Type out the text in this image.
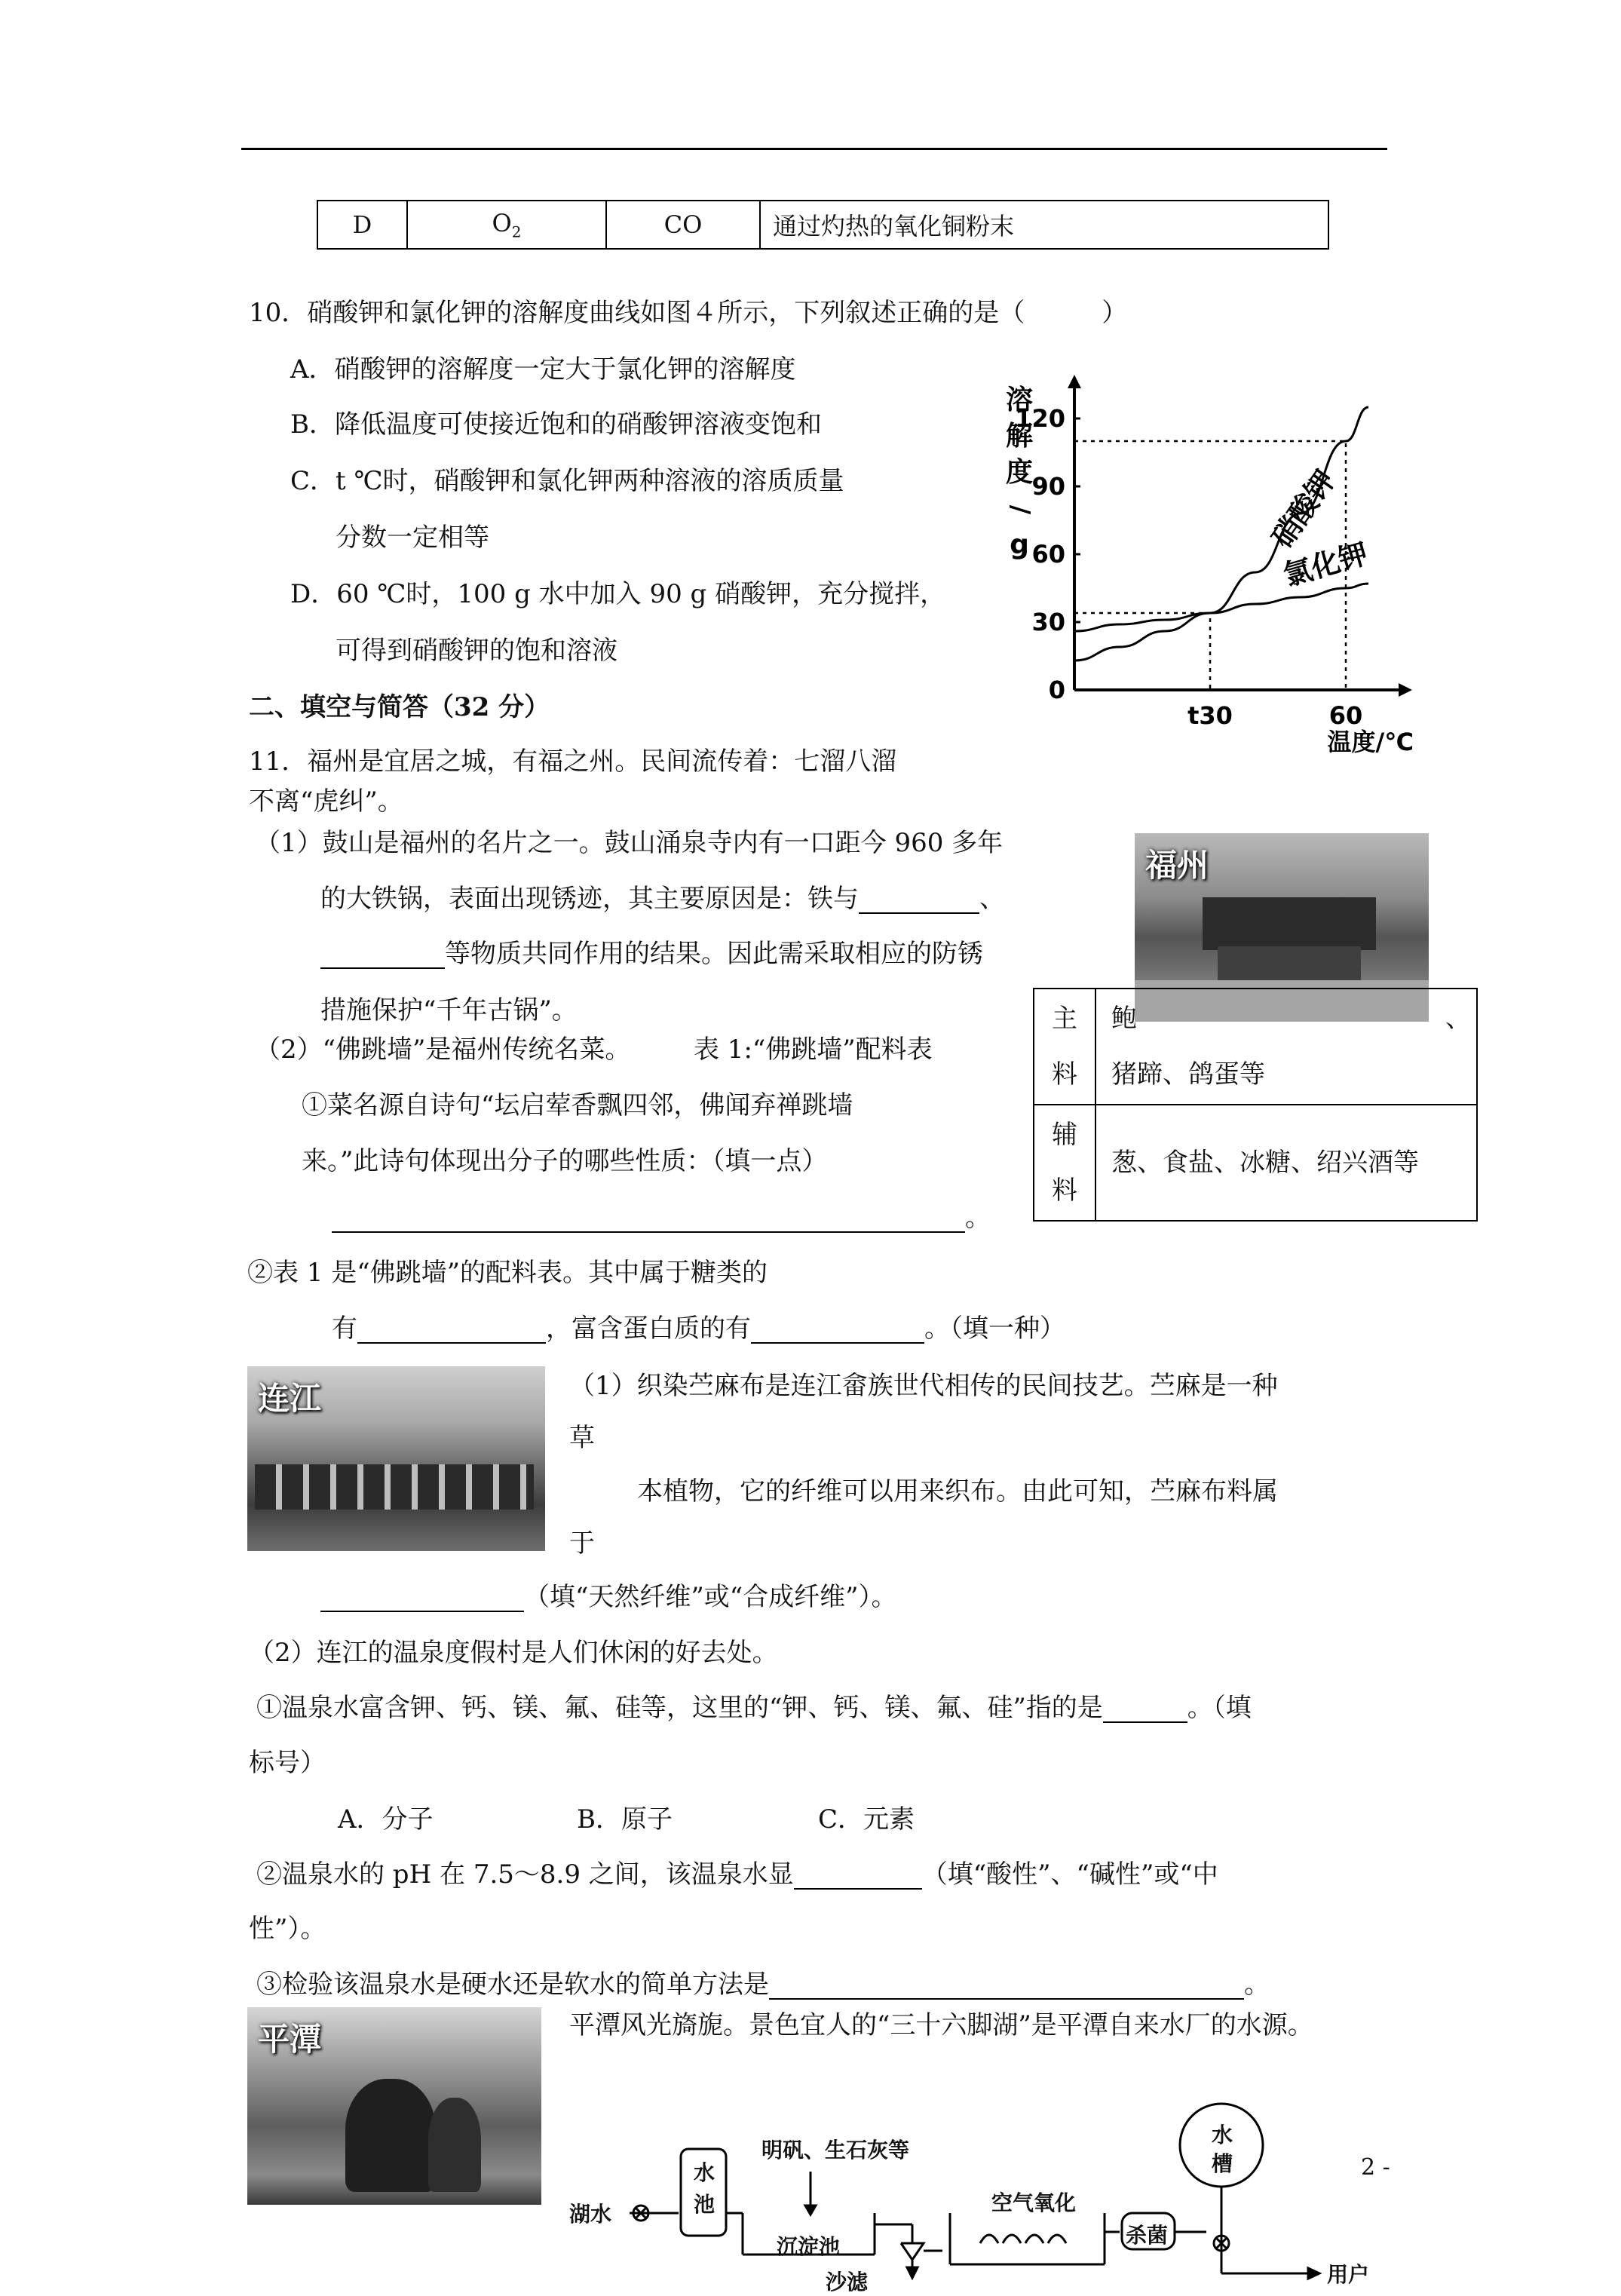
D	$O_2$	CO	通过灼热的氧化铜粉末
10．硝酸钾和氯化钾的溶解度曲线如图４所示，下列叙述正确的是（　　　）
A．硝酸钾的溶解度一定大于氯化钾的溶解度
B．降低温度可使接近饱和的硝酸钾溶液变饱和
C．t ℃时，硝酸钾和氯化钾两种溶液的溶质质量
分数一定相等
D．60 ℃时，100 g 水中加入 90 g 硝酸钾，充分搅拌，
可得到硝酸钾的饱和溶液
0
30
60
90
120
t30	60
硝酸钾
氯化钾
溶
解
度
/
g
温度/℃
二、填空与简答（32 分）
11．福州是宜居之城，有福之州。民间流传着：七溜八溜
不离“虎纠”。
（1）鼓山是福州的名片之一。鼓山涌泉寺内有一口距今 960 多年
的大铁锅，表面出现锈迹，其主要原因是：铁与	、
等物质共同作用的结果。因此需采取相应的防锈
措施保护“千年古锅”。
福州
主料	鲍 、
猪蹄、鸽蛋等

辅料	葱、食盐、冰糖、绍兴酒等
（2）“佛跳墙”是福州传统名菜。 表 1:“佛跳墙”配料表
①菜名源自诗句“坛启荤香飘四邻，佛闻弃禅跳墙
来。”此诗句体现出分子的哪些性质：（填一点）
。
②表 1 是“佛跳墙”的配料表。其中属于糖类的
有	，富含蛋白质的有	。（填一种）
连江	（1）织染苎麻布是连江畲族世代相传的民间技艺。苎麻是一种
草
本植物，它的纤维可以用来织布。由此可知，苎麻布料属
于
（填“天然纤维”或“合成纤维”）。
（2）连江的温泉度假村是人们休闲的好去处。
①温泉水富含钾、钙、镁、氟、硅等，这里的“钾、钙、镁、氟、硅”指的是	。（填
标号）
A．分子	B．原子	C．元素
②温泉水的 pH 在 7.5～8.9 之间，该温泉水显	（填“酸性”、“碱性”或“中
性”）。
③检验该温泉水是硬水还是软水的简单方法是	。
平潭	平潭风光旖旎。景色宜人的“三十六脚湖”是平潭自来水厂的水源。
湖水
水
池
明矾、生石灰等
沉淀池
沙滤
空气氧化
杀菌
水
槽
用户
2 -
